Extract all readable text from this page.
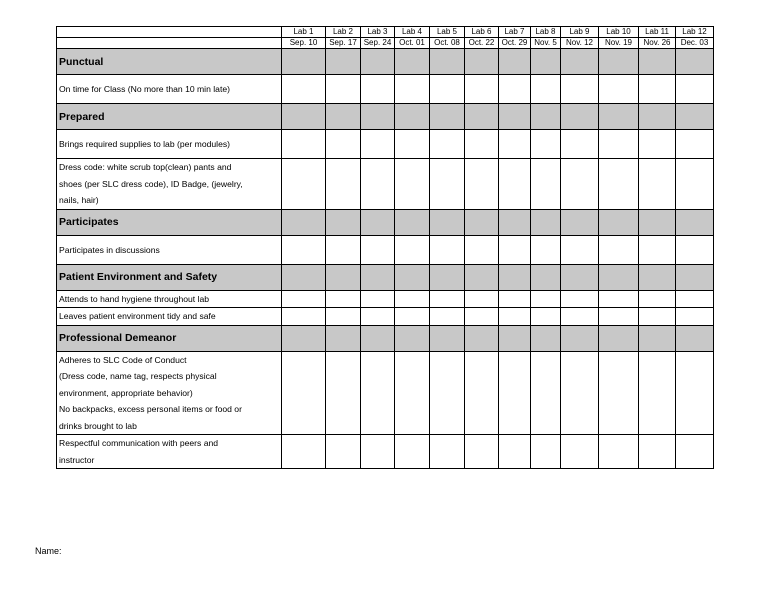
	Lab 1	Lab 2	Lab 3	Lab 4	Lab 5	Lab 6	Lab 7	Lab 8	Lab 9	Lab 10	Lab 11	Lab 12
	Sep. 10	Sep. 17	Sep. 24	Oct. 01	Oct. 08	Oct. 22	Oct. 29	Nov. 5	Nov. 12	Nov. 19	Nov. 26	Dec. 03
Punctual												

On time for Class (No more than 10 min late)												

Prepared												

Brings required supplies to lab (per modules)												

Dress code: white scrub top(clean) pants and
shoes (per SLC dress code), ID Badge, (jewelry,
nails, hair)												

Participates												

Participates in discussions												

Patient Environment and Safety												

Attends to hand hygiene throughout lab												

Leaves patient environment tidy and safe												

Professional Demeanor												

Adheres to SLC Code of Conduct
(Dress code, name tag, respects physical
environment, appropriate behavior)
No backpacks, excess personal items or food or
drinks brought to lab												

Respectful communication with peers and
instructor												

Name:
